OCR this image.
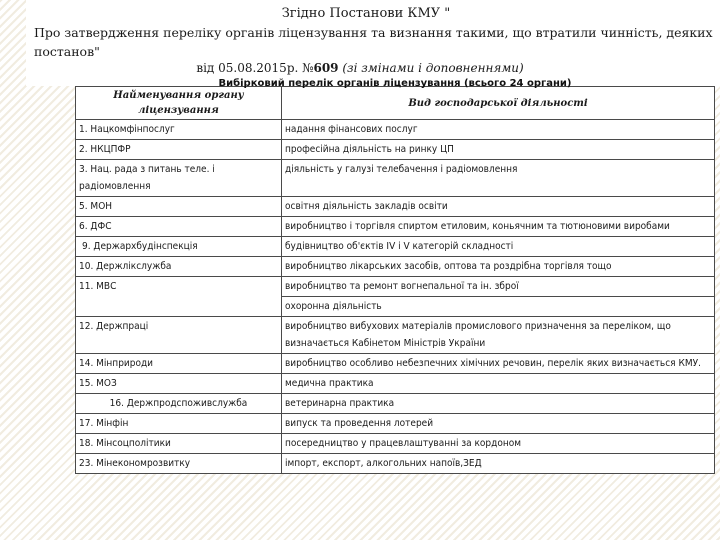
Згідно Постанови КМУ "
Про затвердження переліку органів ліцензування та визнання такими, що втратили чинність, деяких постанов"
від 05.08.2015р. №609 (зі змінами і доповненнями)
Вибірковий перелік органів ліцензування (всього 24 органи)
Найменування органу ліцензування	Вид господарської діяльності
1. Нацкомфінпослуг	надання фінансових послуг
2. НКЦПФР	професійна діяльність на ринку ЦП
3. Нац. рада з питань теле. і радіомовлення	діяльність у галузі телебачення і радіомовлення
5. МОН	освітня діяльність закладів освіти
6. ДФС	виробництво і торгівля спиртом етиловим, коньячним та тютюновими виробами
9. Держархбудінспекція	будівництво об'єктів IV і V категорій складності
10. Держлікслужба	виробництво лікарських засобів, оптова та роздрібна торгівля тощо
11. МВС	виробництво та ремонт вогнепальної та ін. зброї
	охоронна діяльність
12. Держпраці	виробництво вибухових матеріалів промислового призначення за переліком, що визначається Кабінетом Міністрів України
14. Мінприроди	виробництво особливо небезпечних хімічних речовин, перелік яких визначається КМУ.
15. МОЗ	медична практика
16. Держпродспоживслужба	ветеринарна практика
17. Мінфін	випуск та проведення лотерей
18. Мінсоцполітики	посередництво у працевлаштуванні за кордоном
23. Мінекономрозвитку	імпорт, експорт, алкогольних напоїв,ЗЕД
